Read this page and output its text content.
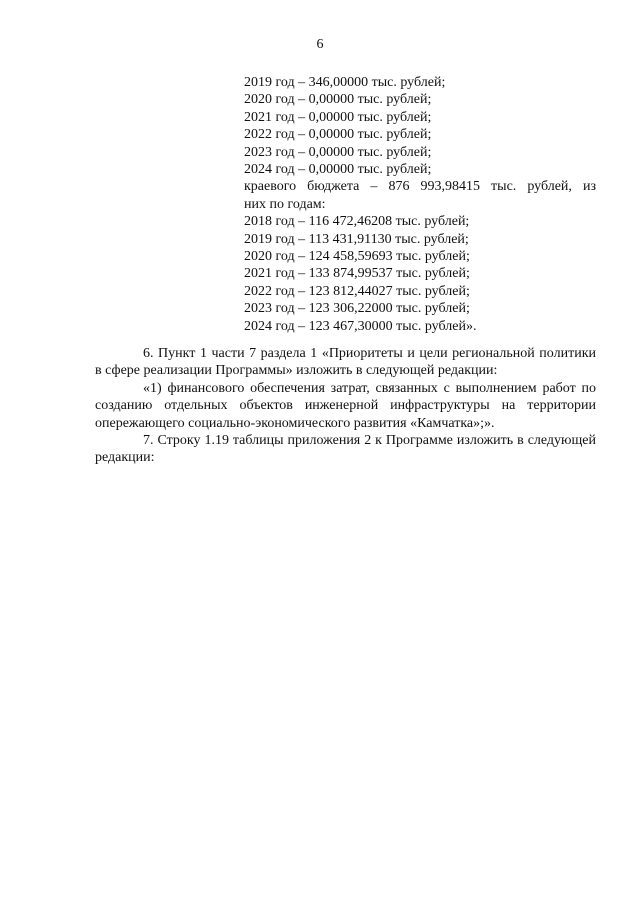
6
2019 год – 346,00000 тыс. рублей;
2020 год – 0,00000 тыс. рублей;
2021 год – 0,00000 тыс. рублей;
2022 год – 0,00000 тыс. рублей;
2023 год – 0,00000 тыс. рублей;
2024 год – 0,00000 тыс. рублей;
краевого бюджета – 876 993,98415 тыс. рублей, из
них по годам:
2018 год – 116 472,46208 тыс. рублей;
2019 год – 113 431,91130 тыс. рублей;
2020 год – 124 458,59693 тыс. рублей;
2021 год – 133 874,99537 тыс. рублей;
2022 год – 123 812,44027 тыс. рублей;
2023 год – 123 306,22000 тыс. рублей;
2024 год – 123 467,30000 тыс. рублей».
6. Пункт 1 части 7 раздела 1 «Приоритеты и цели региональной политики
в сфере реализации Программы» изложить в следующей редакции:
«1) финансового обеспечения затрат, связанных с выполнением работ по
созданию отдельных объектов инженерной инфраструктуры на территории
опережающего социально-экономического развития «Камчатка»;».
7. Строку 1.19 таблицы приложения 2 к Программе изложить в следующей
редакции:
